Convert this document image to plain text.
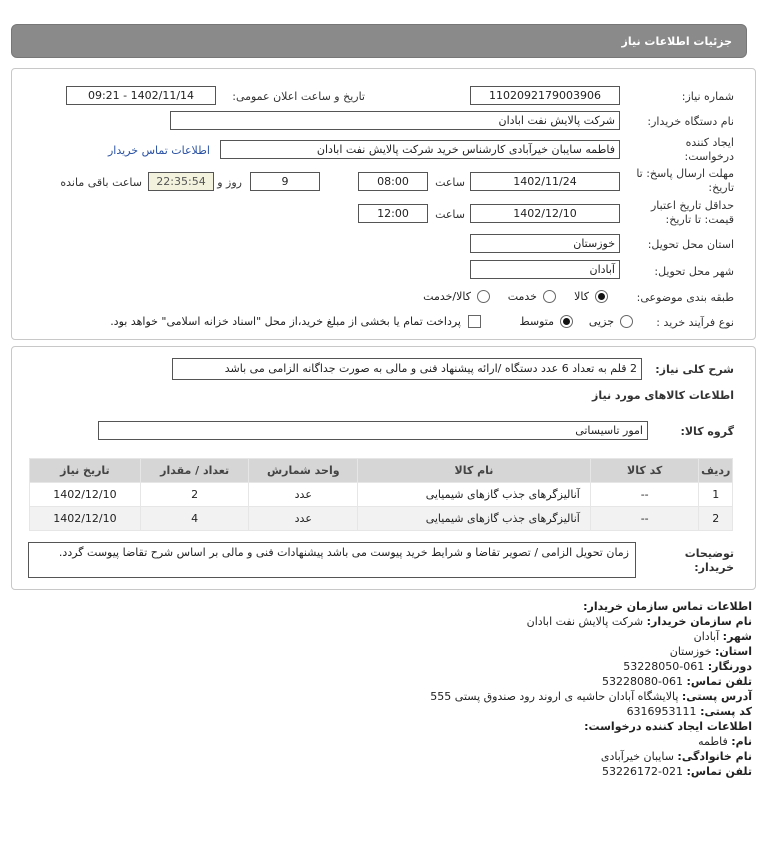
جزئیات اطلاعات نیاز
شماره نیاز:
1102092179003906
تاریخ و ساعت اعلان عمومی:
1402/11/14 - 09:21
نام دستگاه خریدار:
شرکت پالایش نفت ابادان
ایجاد کننده درخواست:
فاطمه سایبان خیرآبادی کارشناس خرید شرکت پالایش نفت ابادان
اطلاعات تماس خریدار
مهلت ارسال پاسخ: تا تاریخ:
1402/11/24
ساعت
08:00
9
روز و
22:35:54
ساعت باقی مانده
حداقل تاریخ اعتبار قیمت: تا تاریخ:
1402/12/10
ساعت
12:00
استان محل تحویل:
خوزستان
شهر محل تحویل:
آبادان
طبقه بندی موضوعی:
کالا
خدمت
کالا/خدمت
نوع فرآیند خرید :
جزیی
متوسط
پرداخت تمام یا بخشی از مبلغ خرید،از محل "اسناد خزانه اسلامی" خواهد بود.
شرح کلی نیاز:
2 قلم به تعداد 6 عدد دستگاه /ارائه پیشنهاد فنی و مالی به صورت جداگانه الزامی می باشد
اطلاعات کالاهای مورد نیاز
گروه کالا:
امور تاسیساتی
تاریخ نیاز	تعداد / مقدار	واحد شمارش	نام کالا	کد کالا	ردیف
1402/12/10	2	عدد	آنالیزگرهای جذب گازهای شیمیایی	--	1
1402/12/10	4	عدد	آنالیزگرهای جذب گازهای شیمیایی	--	2
توضیحات خریدار:
زمان تحویل الزامی / تصویر تقاضا و شرایط خرید پیوست می باشد پیشنهادات فنی و مالی بر اساس شرح تقاضا پیوست گردد.
اطلاعات تماس سازمان خریدار:
نام سازمان خریدار: شرکت پالایش نفت ابادان
شهر: آبادان
استان: خوزستان
دورنگار: 061-53228050
تلفن تماس: 061-53228080
آدرس پستی: پالایشگاه آبادان حاشیه ی اروند رود صندوق پستی 555
کد پستی: 6316953111
اطلاعات ایجاد کننده درخواست:
نام: فاطمه
نام خانوادگی: سایبان خیرآبادی
تلفن تماس: 021-53226172
